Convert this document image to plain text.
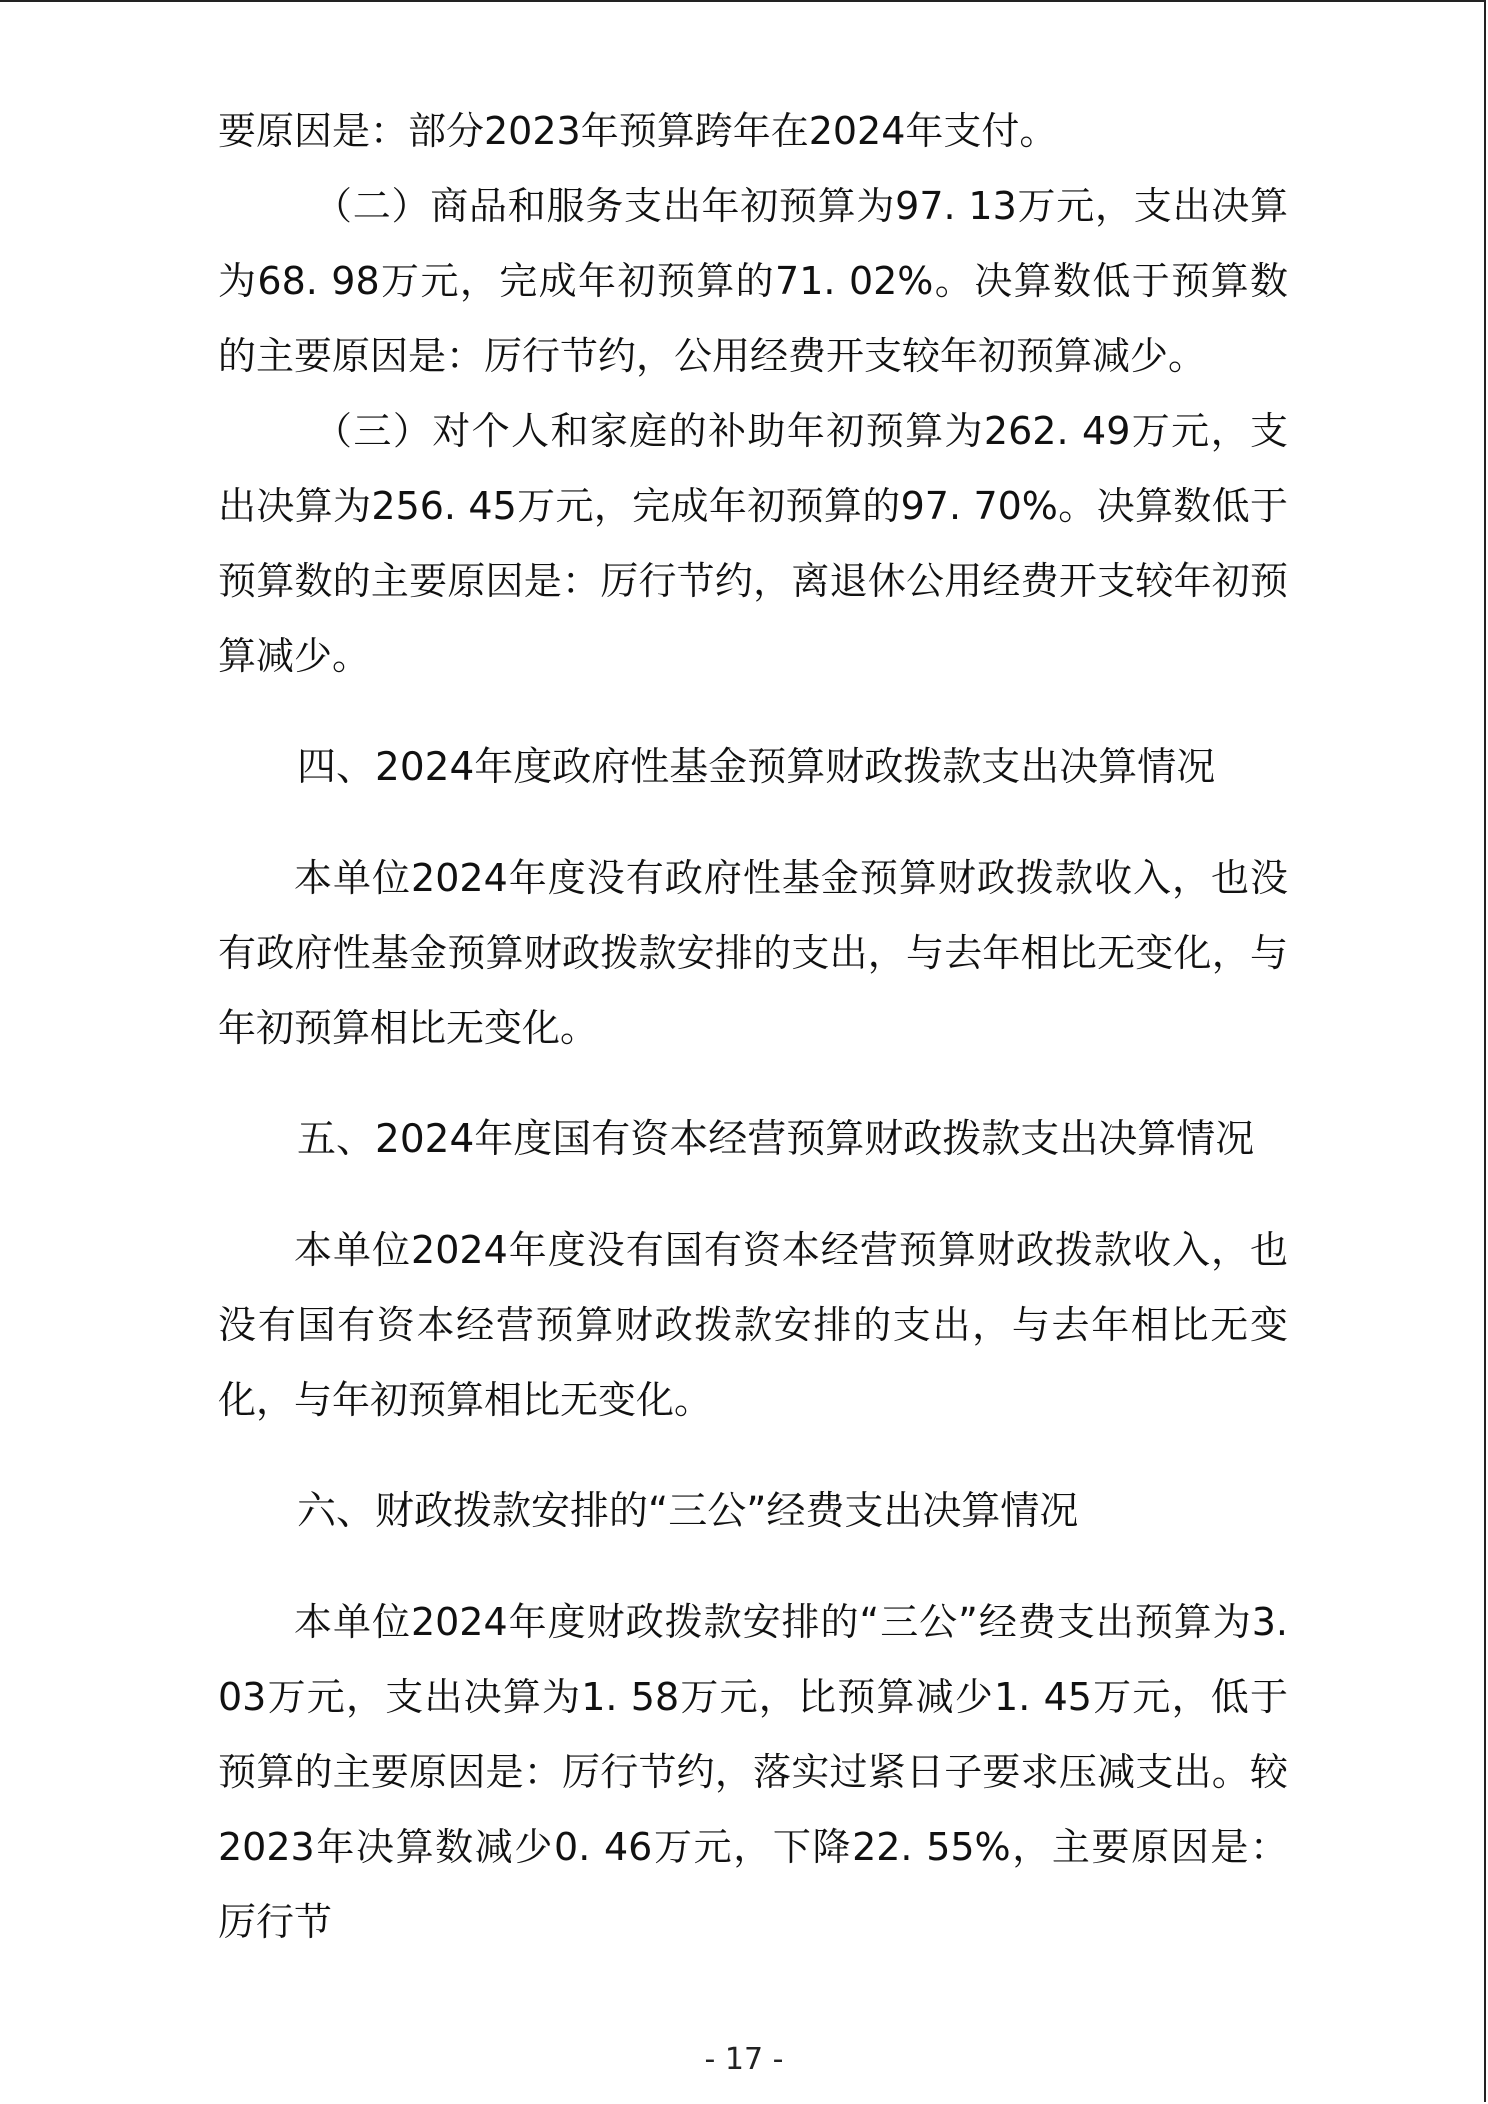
要原因是：部分2023年预算跨年在2024年支付。

（二）商品和服务支出年初预算为97. 13万元，支出决算为68. 98万元，完成年初预算的71. 02%。决算数低于预算数的主要原因是：厉行节约，公用经费开支较年初预算减少。

（三）对个人和家庭的补助年初预算为262. 49万元，支出决算为256. 45万元，完成年初预算的97. 70%。决算数低于预算数的主要原因是：厉行节约，离退休公用经费开支较年初预算减少。

四、2024年度政府性基金预算财政拨款支出决算情况

本单位2024年度没有政府性基金预算财政拨款收入，也没有政府性基金预算财政拨款安排的支出，与去年相比无变化，与年初预算相比无变化。

五、2024年度国有资本经营预算财政拨款支出决算情况

本单位2024年度没有国有资本经营预算财政拨款收入，也没有国有资本经营预算财政拨款安排的支出，与去年相比无变化，与年初预算相比无变化。

六、财政拨款安排的“三公”经费支出决算情况

本单位2024年度财政拨款安排的“三公”经费支出预算为3. 03万元，支出决算为1. 58万元，比预算减少1. 45万元，低于预算的主要原因是：厉行节约，落实过紧日子要求压减支出。较2023年决算数减少0. 46万元，下降22. 55%，主要原因是：厉行节

- 17 -
